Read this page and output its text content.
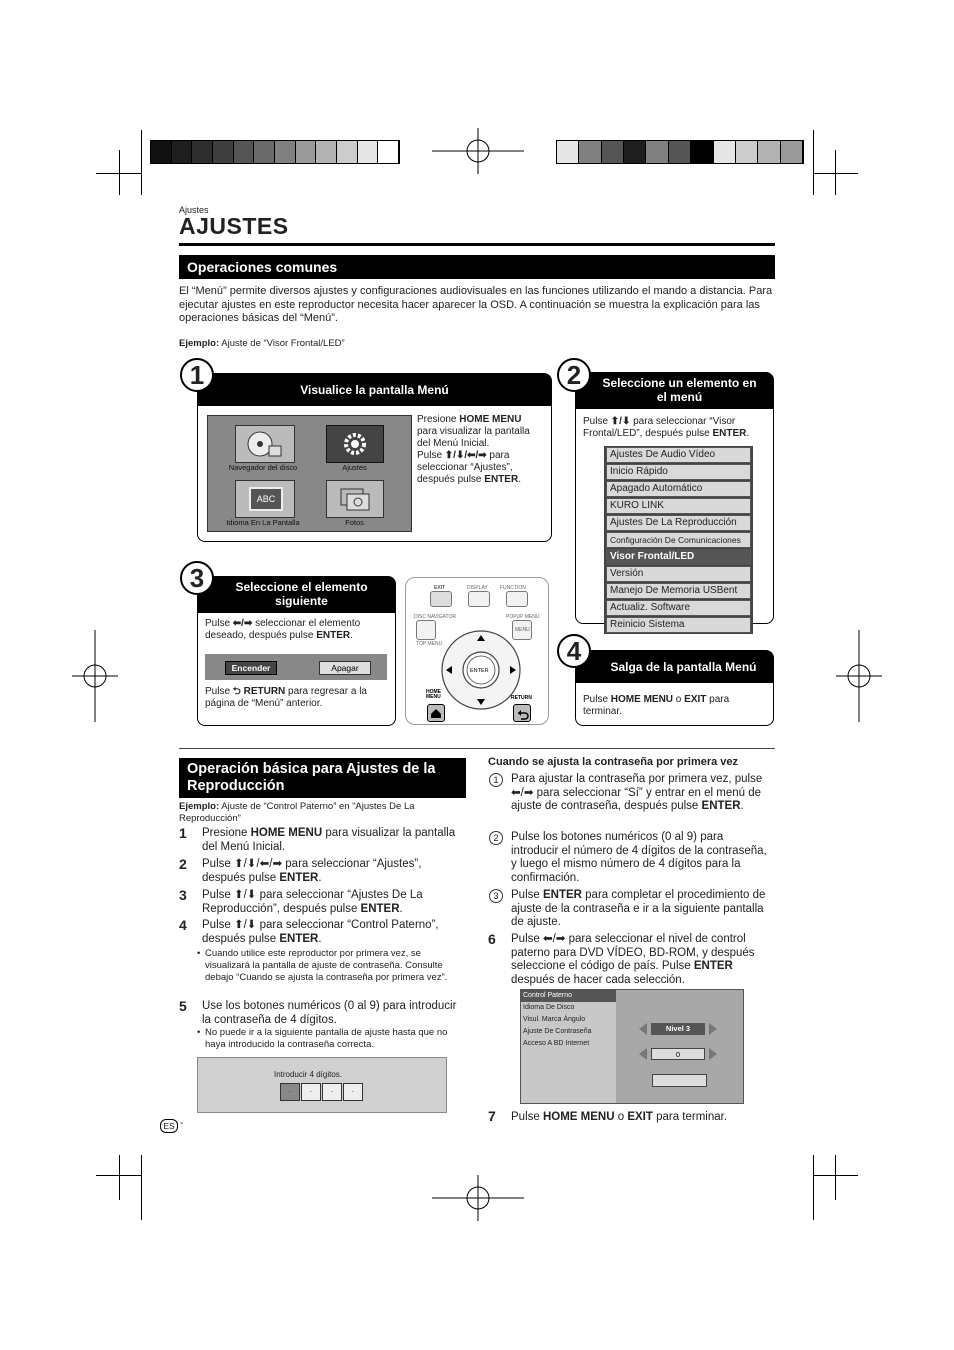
Ajustes
AJUSTES
Operaciones comunes
El “Menú” permite diversos ajustes y configuraciones audiovisuales en las funciones utilizando el mando a distancia. Para ejecutar ajustes en este reproductor necesita hacer aparecer la OSD. A continuación se muestra la explicación para las operaciones básicas del “Menú”.
Ejemplo: Ajuste de “Visor Frontal/LED”
Visualice la pantalla Menú
1
Navegador del disco	Ajustes
ABC
Idioma En La Pantalla	Fotos
Presione HOME MENU para visualizar la pantalla del Menú Inicial.
Pulse ⬆/⬇/⬅/➡ para seleccionar “Ajustes”, después pulse ENTER.
Seleccione un elemento en el menú
2
Pulse ⬆/⬇ para seleccionar “Visor Frontal/LED”, después pulse ENTER.
Ajustes De Audio Vídeo
Inicio Rápido
Apagado Automático
KURO LINK
Ajustes De La Reproducción
Configuración De Comunicaciones
Visor Frontal/LED
Versión
Manejo De Memoria USBent
Actualiz. Software
Reinicio Sistema
Seleccione el elemento siguiente
3
Pulse ⬅/➡ seleccionar el elemento deseado, después pulse ENTER.
Encender	Apagar
Pulse ⮌ RETURN para regresar a la página de “Menú” anterior.
EXIT	DISPLAY FUNCTION
DISC NAVIGATOR
TOP MENU
POPUP MENU
MENU
ENTER
HOME MENU	RETURN
Salga de la pantalla Menú
4
Pulse HOME MENU o EXIT para terminar.
Operación básica para Ajustes de la Reproducción
Ejemplo: Ajuste de “Control Paterno” en “Ajustes De La Reproducción”
1 Presione HOME MENU para visualizar la pantalla del Menú Inicial.
2 Pulse ⬆/⬇/⬅/➡ para seleccionar “Ajustes”, después pulse ENTER.
3 Pulse ⬆/⬇ para seleccionar “Ajustes De La Reproducción”, después pulse ENTER.
4 Pulse ⬆/⬇ para seleccionar “Control Paterno”, después pulse ENTER.
5 Use los botones numéricos (0 al 9) para introducir la contraseña de 4 dígitos.
• Cuando utilice este reproductor por primera vez, se visualizará la pantalla de ajuste de contraseña. Consulte debajo “Cuando se ajusta la contraseña por primera vez”.
• No puede ir a la siguiente pantalla de ajuste hasta que no haya introducido la contraseña correcta.
Introducir 4 dígitos.
·	·	·	·
Cuando se ajusta la contraseña por primera vez
1	Para ajustar la contraseña por primera vez, pulse ⬅/➡ para seleccionar “Sí” y entrar en el menú de ajuste de contraseña, después pulse ENTER.
2	Pulse los botones numéricos (0 al 9) para introducir el número de 4 dígitos de la contraseña, y luego el mismo número de 4 dígitos para la confirmación.
3	Pulse ENTER para completar el procedimiento de ajuste de la contraseña e ir a la siguiente pantalla de ajuste.
6 Pulse ⬅/➡ para seleccionar el nivel de control paterno para DVD VÍDEO, BD-ROM, y después seleccione el código de país. Pulse ENTER después de hacer cada selección.
Control Paterno
Idioma De Disco
Visul. Marca Ángulo
Ajuste De Contraseña
Acceso A BD Internet
Nivel 3
0
7 Pulse HOME MENU o EXIT para terminar.
ES -
